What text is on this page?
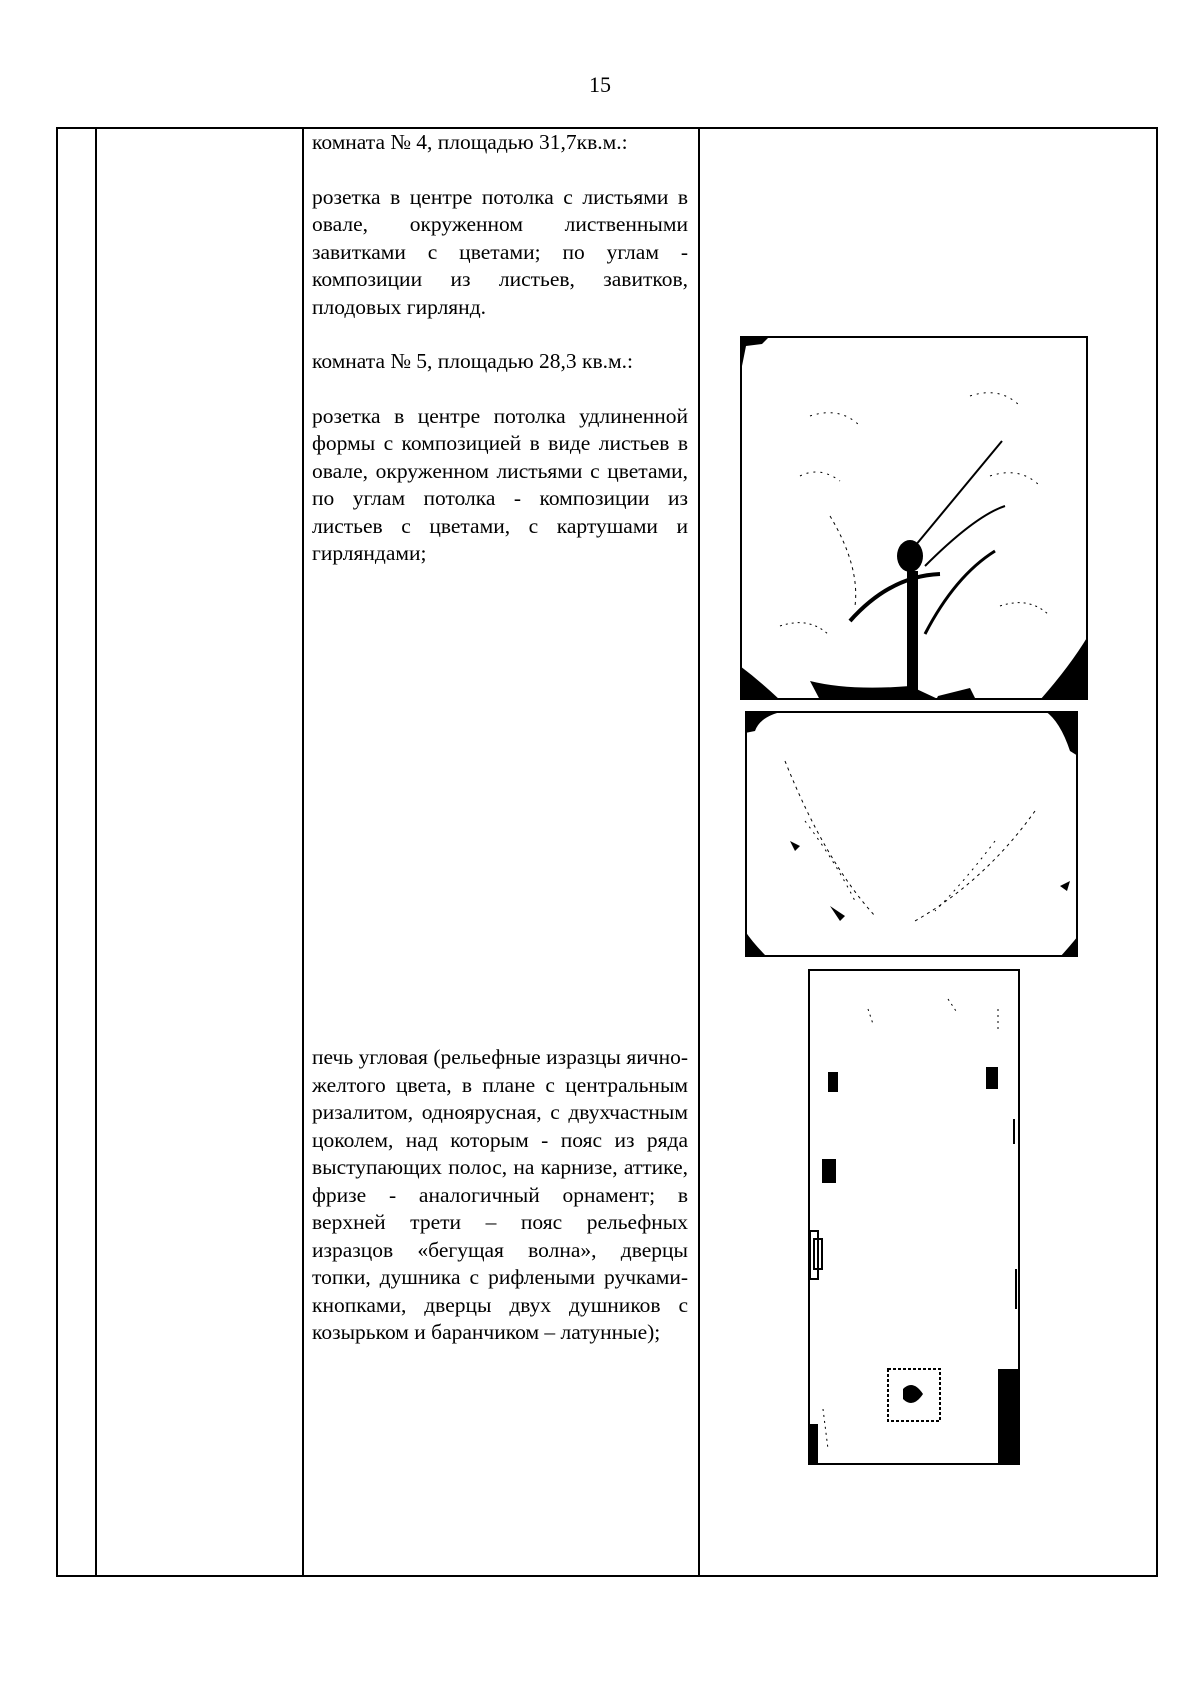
15

комната № 4, площадью 31,7кв.м.:

розетка в центре потолка с листьями в овале, окруженном лиственными завитками с цветами; по углам - композиции из листьев, завитков, плодовых гирлянд.

комната № 5, площадью 28,3 кв.м.:

розетка в центре потолка удлиненной формы с композицией в виде листьев в овале, окруженном листьями с цветами, по углам потолка - композиции из листьев с цветами, с картушами и гирляндами;

печь угловая (рельефные изразцы яично-желтого цвета, в плане с центральным ризалитом, одноярусная, с двухчастным цоколем, над которым - пояс из ряда выступающих полос, на карнизе, аттике, фризе - аналогичный орнамент; в верхней трети – пояс рельефных изразцов «бегущая волна», дверцы топки, душника с рифлеными ручками-кнопками, дверцы двух душников с козырьком и баранчиком – латунные);
